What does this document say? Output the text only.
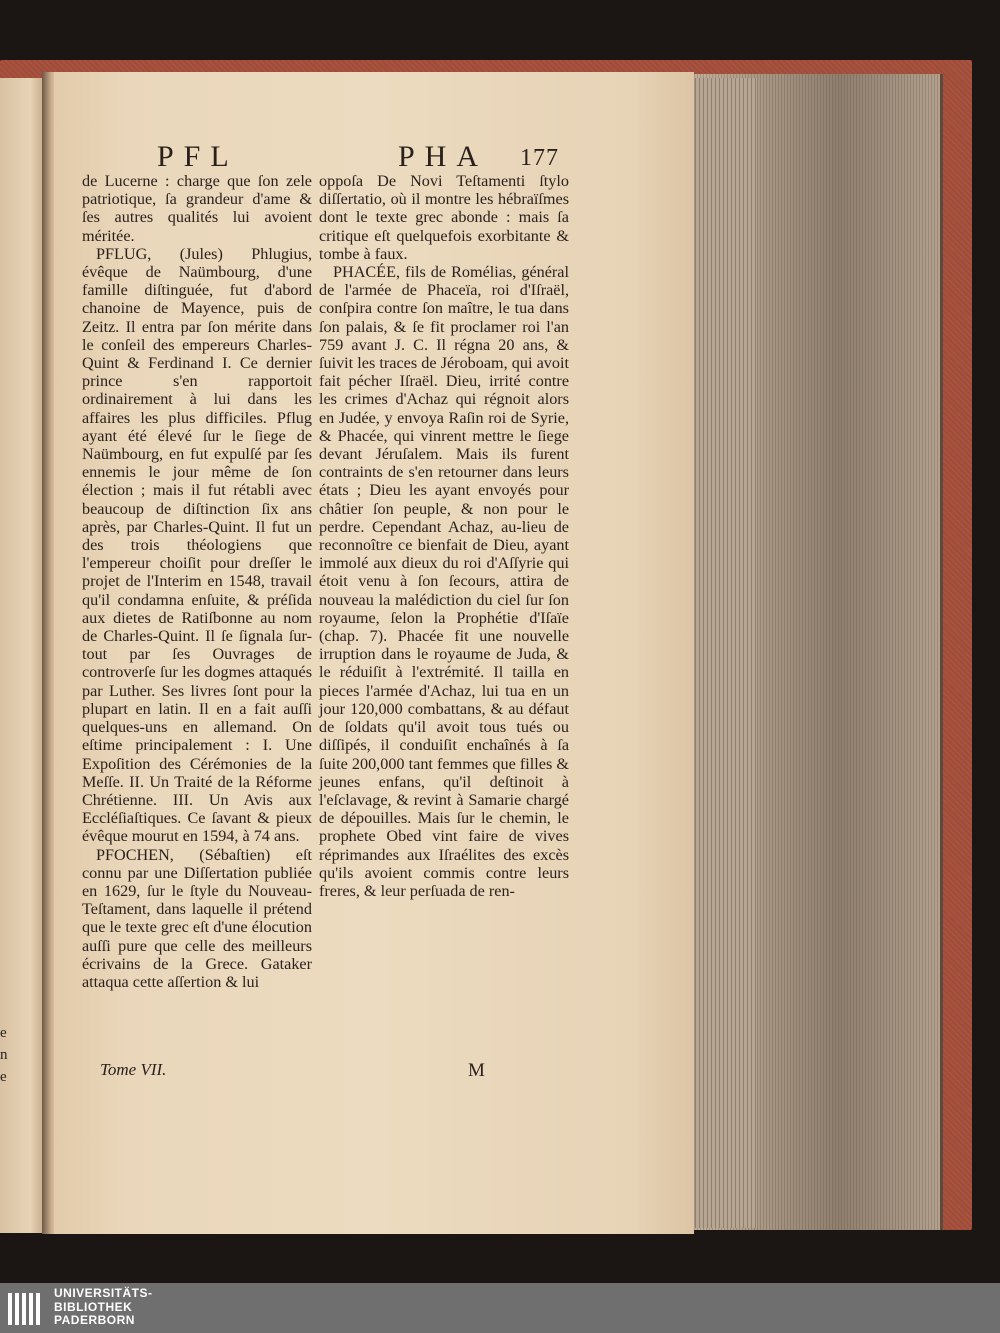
e
n
e
PFL	PHA 177

de Lucerne : charge que ſon zele patriotique, ſa grandeur d'ame & ſes autres qualités lui avoient méritée.

PFLUG, (Jules) Phlugius, évêque de Naümbourg, d'une famille diſtinguée, fut d'abord chanoine de Mayence, puis de Zeitz. Il entra par ſon mérite dans le conſeil des empereurs Charles-Quint & Ferdinand I. Ce dernier prince s'en rapportoit ordinairement à lui dans les affaires les plus difficiles. Pflug ayant été élevé ſur le ſiege de Naümbourg, en fut expulſé par ſes ennemis le jour même de ſon élection ; mais il fut rétabli avec beaucoup de diſtinction ſix ans après, par Charles-Quint. Il fut un des trois théologiens que l'empereur choiſit pour dreſſer le projet de l'Interim en 1548, travail qu'il condamna enſuite, & préſida aux dietes de Ratiſbonne au nom de Charles-Quint. Il ſe ſignala ſur-tout par ſes Ouvrages de controverſe ſur les dogmes attaqués par Luther. Ses livres ſont pour la plupart en latin. Il en a fait auſſi quelques-uns en allemand. On eſtime principalement : I. Une Expoſition des Cérémonies de la Meſſe. II. Un Traité de la Réforme Chrétienne. III. Un Avis aux Eccléſiaſtiques. Ce ſavant & pieux évêque mourut en 1594, à 74 ans.

PFOCHEN, (Sébaſtien) eſt connu par une Diſſertation publiée en 1629, ſur le ſtyle du Nouveau-Teſtament, dans laquelle il prétend que le texte grec eſt d'une élocution auſſi pure que celle des meilleurs écrivains de la Grece. Gataker attaqua cette aſſertion & lui

oppoſa De Novi Teſtamenti ſtylo diſſertatio, où il montre les hébraïſmes dont le texte grec abonde : mais ſa critique eſt quelquefois exorbitante & tombe à faux.

PHACÉE, fils de Romélias, général de l'armée de Phaceïa, roi d'Iſraël, conſpira contre ſon maître, le tua dans ſon palais, & ſe fit proclamer roi l'an 759 avant J. C. Il régna 20 ans, & ſuivit les traces de Jéroboam, qui avoit fait pécher Iſraël. Dieu, irrité contre les crimes d'Achaz qui régnoit alors en Judée, y envoya Raſin roi de Syrie, & Phacée, qui vinrent mettre le ſiege devant Jéruſalem. Mais ils furent contraints de s'en retourner dans leurs états ; Dieu les ayant envoyés pour châtier ſon peuple, & non pour le perdre. Cependant Achaz, au-lieu de reconnoître ce bienfait de Dieu, ayant immolé aux dieux du roi d'Aſſyrie qui étoit venu à ſon ſecours, attira de nouveau la malédiction du ciel ſur ſon royaume, ſelon la Prophétie d'Iſaïe (chap. 7). Phacée fit une nouvelle irruption dans le royaume de Juda, & le réduiſit à l'extrémité. Il tailla en pieces l'armée d'Achaz, lui tua en un jour 120,000 combattans, & au défaut de ſoldats qu'il avoit tous tués ou diſſipés, il conduiſit enchaînés à ſa ſuite 200,000 tant femmes que filles & jeunes enfans, qu'il deſtinoit à l'eſclavage, & revint à Samarie chargé de dépouilles. Mais ſur le chemin, le prophete Obed vint faire de vives réprimandes aux Iſraélites des excès qu'ils avoient commis contre leurs freres, & leur perſuada de ren-

Tome VII.	M
UNIVERSITÄTS-
BIBLIOTHEK
PADERBORN
